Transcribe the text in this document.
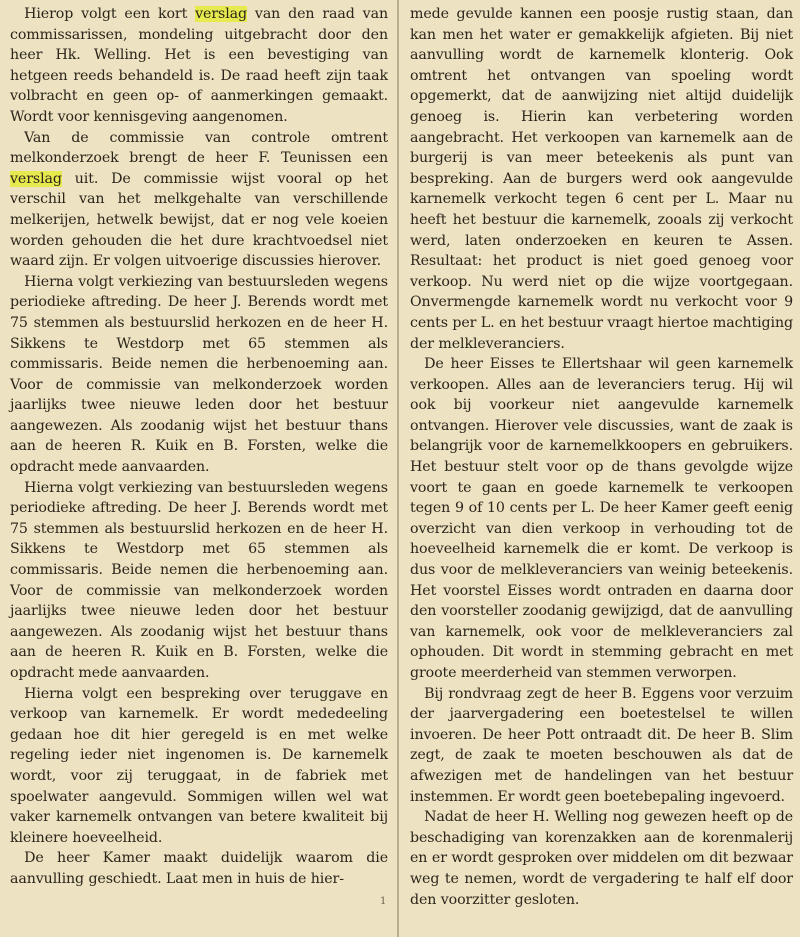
 Hierop volgt een kort verslag van den raad van commissarissen, mondeling uitgebracht door den heer Hk. Welling. Het is een bevestiging van hetgeen reeds behandeld is. De raad heeft zijn taak volbracht en geen op- of aanmerkingen gemaakt. Wordt voor kennisgeving aangenomen.

 Van de commissie van controle omtrent melkonderzoek brengt de heer F. Teunissen een verslag uit. De commissie wijst vooral op het verschil van het melkgehalte van verschillende melkerijen, hetwelk bewijst, dat er nog vele koeien worden gehouden die het dure krachtvoedsel niet waard zijn. Er volgen uitvoerige discussies hierover.

 Hierna volgt verkiezing van bestuursleden wegens periodieke aftreding. De heer J. Berends wordt met 75 stemmen als bestuurslid herkozen en de heer H. Sikkens te Westdorp met 65 stemmen als commissaris. Beide nemen die herbenoeming aan. Voor de commissie van melkonderzoek worden jaarlijks twee nieuwe leden door het bestuur aangewezen. Als zoodanig wijst het bestuur thans aan de heeren R. Kuik en B. Forsten, welke die opdracht mede aanvaarden.

 Hierna volgt verkiezing van bestuursleden wegens periodieke aftreding. De heer J. Berends wordt met 75 stemmen als bestuurslid herkozen en de heer H. Sikkens te Westdorp met 65 stemmen als commissaris. Beide nemen die herbenoeming aan. Voor de commissie van melkonderzoek worden jaarlijks twee nieuwe leden door het bestuur aangewezen. Als zoodanig wijst het bestuur thans aan de heeren R. Kuik en B. Forsten, welke die opdracht mede aanvaarden.

 Hierna volgt een bespreking over teruggave en verkoop van karnemelk. Er wordt mededeeling gedaan hoe dit hier geregeld is en met welke regeling ieder niet ingenomen is. De karnemelk wordt, voor zij teruggaat, in de fabriek met spoelwater aangevuld. Sommigen willen wel wat vaker karnemelk ontvangen van betere kwaliteit bij kleinere hoeveelheid.

 De heer Kamer maakt duidelijk waarom die aanvulling geschiedt. Laat men in huis de hier-

mede gevulde kannen een poosje rustig staan, dan kan men het water er gemakkelijk afgieten. Bij niet aanvulling wordt de karnemelk klonterig. Ook omtrent het ontvangen van spoeling wordt opgemerkt, dat de aanwijzing niet altijd duidelijk genoeg is. Hierin kan verbetering worden aangebracht. Het verkoopen van karnemelk aan de burgerij is van meer beteekenis als punt van bespreking. Aan de burgers werd ook aangevulde karnemelk verkocht tegen 6 cent per L. Maar nu heeft het bestuur die karnemelk, zooals zij verkocht werd, laten onderzoeken en keuren te Assen. Resultaat: het product is niet goed genoeg voor verkoop. Nu werd niet op die wijze voortgegaan. Onvermengde karnemelk wordt nu verkocht voor 9 cents per L. en het bestuur vraagt hiertoe machtiging der melkleveranciers.

 De heer Eisses te Ellertshaar wil geen karnemelk verkoopen. Alles aan de leveranciers terug. Hij wil ook bij voorkeur niet aangevulde karnemelk ontvangen. Hierover vele discussies, want de zaak is belangrijk voor de karnemelkkoopers en gebruikers. Het bestuur stelt voor op de thans gevolgde wijze voort te gaan en goede karnemelk te verkoopen tegen 9 of 10 cents per L. De heer Kamer geeft eenig overzicht van dien verkoop in verhouding tot de hoeveelheid karnemelk die er komt. De verkoop is dus voor de melkleveranciers van weinig beteekenis. Het voorstel Eisses wordt ontraden en daarna door den voorsteller zoodanig gewijzigd, dat de aanvulling van karnemelk, ook voor de melkleveranciers zal ophouden. Dit wordt in stemming gebracht en met groote meerderheid van stemmen verworpen.

 Bij rondvraag zegt de heer B. Eggens voor verzuim der jaarvergadering een boetestelsel te willen invoeren. De heer Pott ontraadt dit. De heer B. Slim zegt, de zaak te moeten beschouwen als dat de afwezigen met de handelingen van het bestuur instemmen. Er wordt geen boetebepaling ingevoerd.

 Nadat de heer H. Welling nog gewezen heeft op de beschadiging van korenzakken aan de korenmalerij en er wordt gesproken over middelen om dit bezwaar weg te nemen, wordt de vergadering te half elf door den voorzitter gesloten.

1
